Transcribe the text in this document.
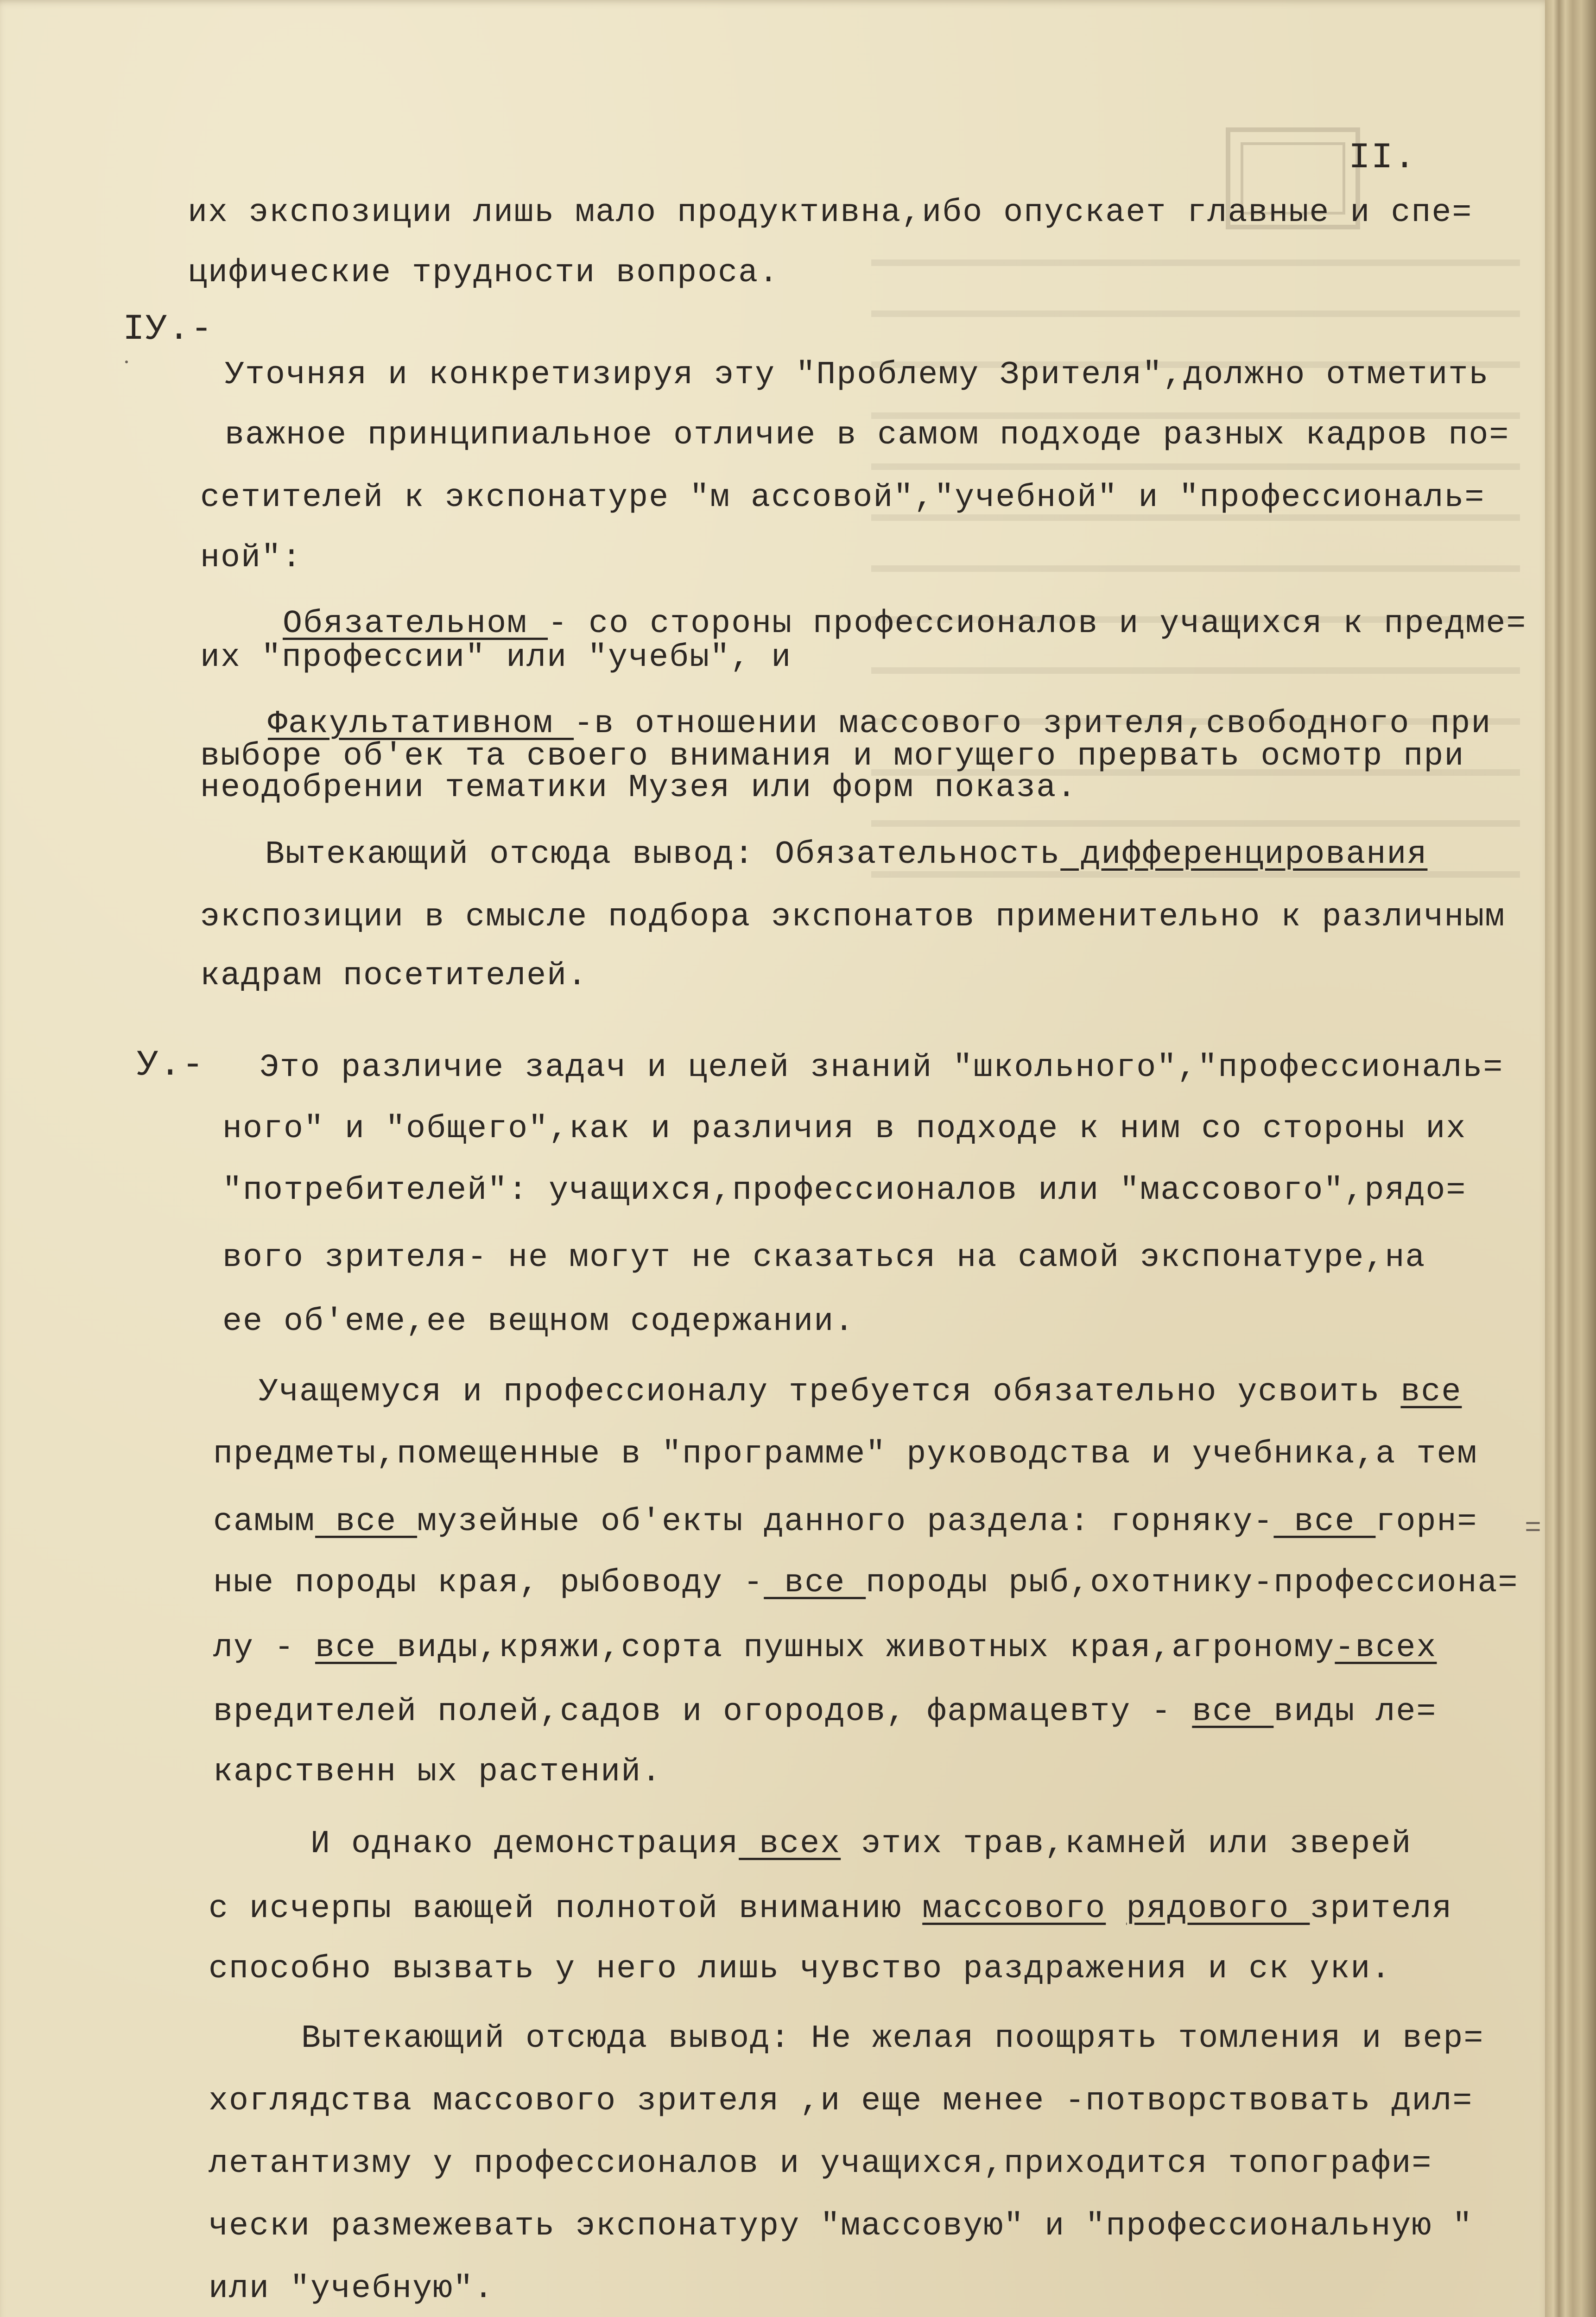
II.
IУ.-
У.-
=
их экспозиции лишь мало продуктивна,ибо опускает главные и спе=
цифические трудности вопроса.
Уточняя и конкретизируя эту "Проблему Зрителя",должно отметить
важное принципиальное отличие в самом подходе разных кадров по=
сетителей к экспонатуре "м ассовой","учебной" и "профессиональ=
ной":
Обязательном - со стороны профессионалов и учащихся к предме=
их "профессии" или "учебы", и
Факультативном -в отношении массового зрителя,свободного при
выборе об'ек та своего внимания и могущего прервать осмотр при
неодобрении тематики Музея или форм показа.
Вытекающий отсюда вывод: Обязательность дифференцирования
экспозиции в смысле подбора экспонатов применительно к различным
кадрам посетителей.
Это различие задач и целей знаний "школьного","профессиональ=
ного" и "общего",как и различия в подходе к ним со стороны их
"потребителей": учащихся,профессионалов или "массового",рядо=
вого зрителя- не могут не сказаться на самой экспонатуре,на
ее об'еме,ее вещном содержании.
Учащемуся и профессионалу требуется обязательно усвоить все
предметы,помещенные в "программе" руководства и учебника,а тем
самым все музейные об'екты данного раздела: горняку- все горн=
ные породы края, рыбоводу - все породы рыб,охотнику-профессиона=
лу - все виды,кряжи,сорта пушных животных края,агроному-всех
вредителей полей,садов и огородов, фармацевту - все виды ле=
карственн ых растений.
И однако демонстрация всех этих трав,камней или зверей
с исчерпы вающей полнотой вниманию массового рядового зрителя
способно вызвать у него лишь чувство раздражения и ск уки.
Вытекающий отсюда вывод: Не желая поощрять томления и вер=
хоглядства массового зрителя ,и еще менее -потворствовать дил=
летантизму у профессионалов и учащихся,приходится топографи=
чески размежевать экспонатуру "массовую" и "профессиональную "
или "учебную".
